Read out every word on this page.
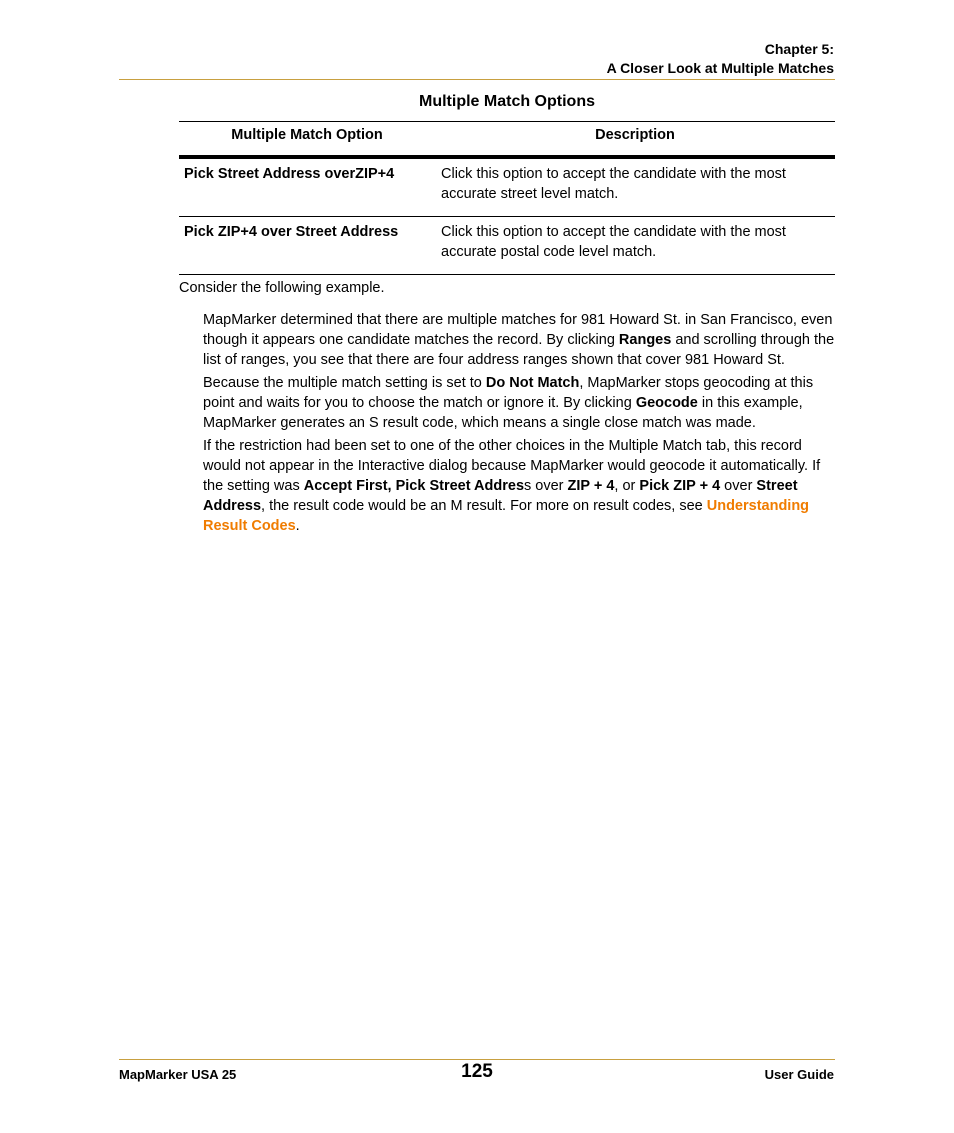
Chapter 5:
A Closer Look at Multiple Matches
Multiple Match Options
Multiple Match Option	Description
Pick Street Address overZIP+4	Click this option to accept the candidate with the most accurate street level match.
Pick ZIP+4 over Street Address	Click this option to accept the candidate with the most accurate postal code level match.
Consider the following example.

MapMarker determined that there are multiple matches for 981 Howard St. in San Francisco, even though it appears one candidate matches the record. By clicking Ranges and scrolling through the list of ranges, you see that there are four address ranges shown that cover 981 Howard St.

Because the multiple match setting is set to Do Not Match, MapMarker stops geocoding at this point and waits for you to choose the match or ignore it. By clicking Geocode in this example, MapMarker generates an S result code, which means a single close match was made.

If the restriction had been set to one of the other choices in the Multiple Match tab, this record would not appear in the Interactive dialog because MapMarker would geocode it automatically. If the setting was Accept First, Pick Street Address over ZIP + 4, or Pick ZIP + 4 over Street Address, the result code would be an M result. For more on result codes, see Understanding Result Codes.

MapMarker USA 25	125	User Guide
